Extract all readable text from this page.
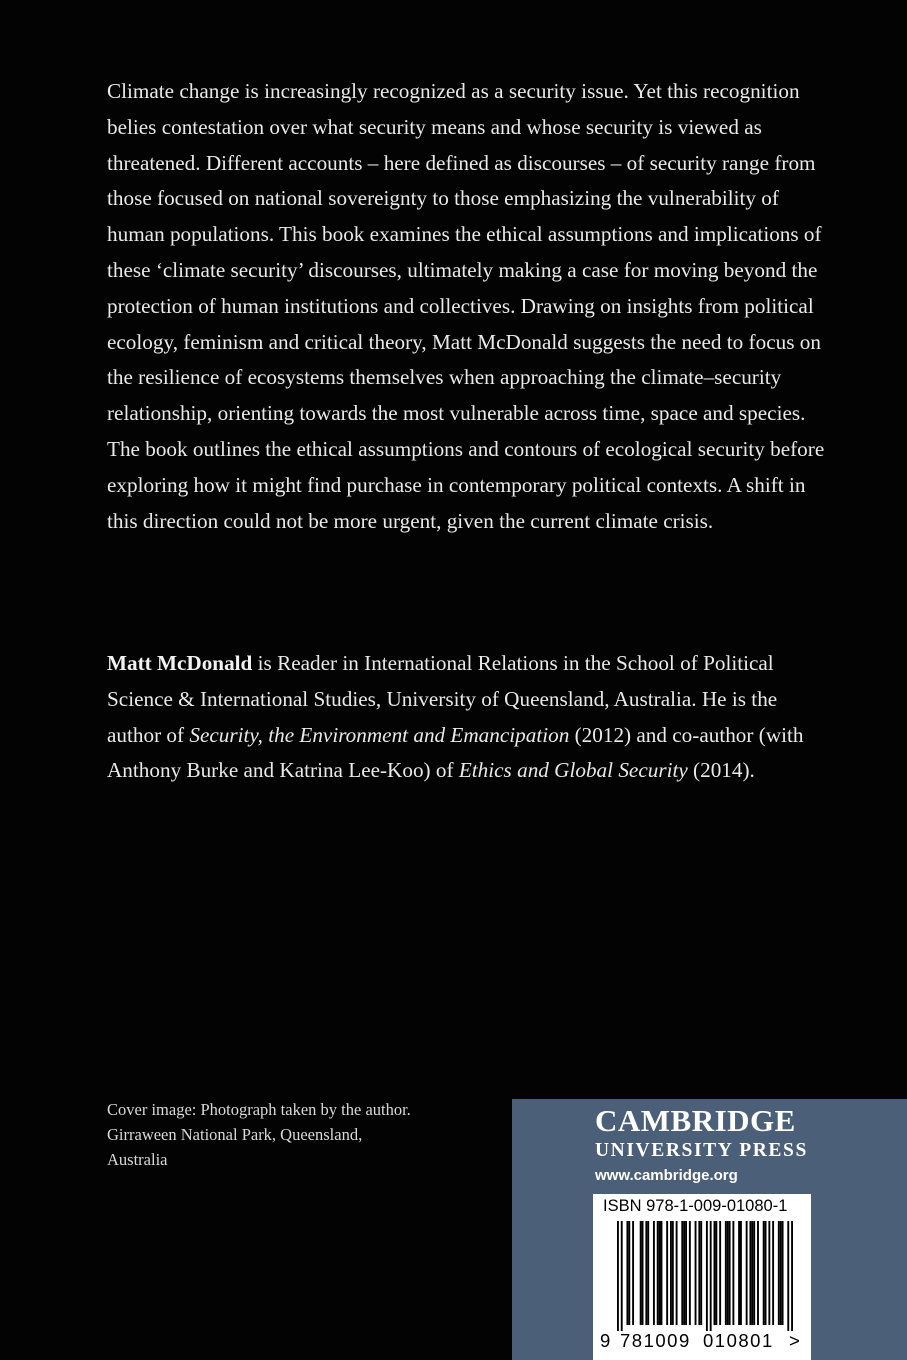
Climate change is increasingly recognized as a security issue. Yet this recognition belies contestation over what security means and whose security is viewed as threatened. Different accounts – here defined as discourses – of security range from those focused on national sovereignty to those emphasizing the vulnerability of human populations. This book examines the ethical assumptions and implications of these ‘climate security’ discourses, ultimately making a case for moving beyond the protection of human institutions and collectives. Drawing on insights from political ecology, feminism and critical theory, Matt McDonald suggests the need to focus on the resilience of ecosystems themselves when approaching the climate–security relationship, orienting towards the most vulnerable across time, space and species. The book outlines the ethical assumptions and contours of ecological security before exploring how it might find purchase in contemporary political contexts. A shift in this direction could not be more urgent, given the current climate crisis.

Matt McDonald is Reader in International Relations in the School of Political Science & International Studies, University of Queensland, Australia. He is the author of Security, the Environment and Emancipation (2012) and co-author (with Anthony Burke and Katrina Lee-Koo) of Ethics and Global Security (2014).

Cover image: Photograph taken by the author.
Girraween National Park, Queensland,
Australia
CAMBRIDGE
UNIVERSITY PRESS
www.cambridge.org
ISBN 978-1-009-01080-1
9 781009 010801 >
